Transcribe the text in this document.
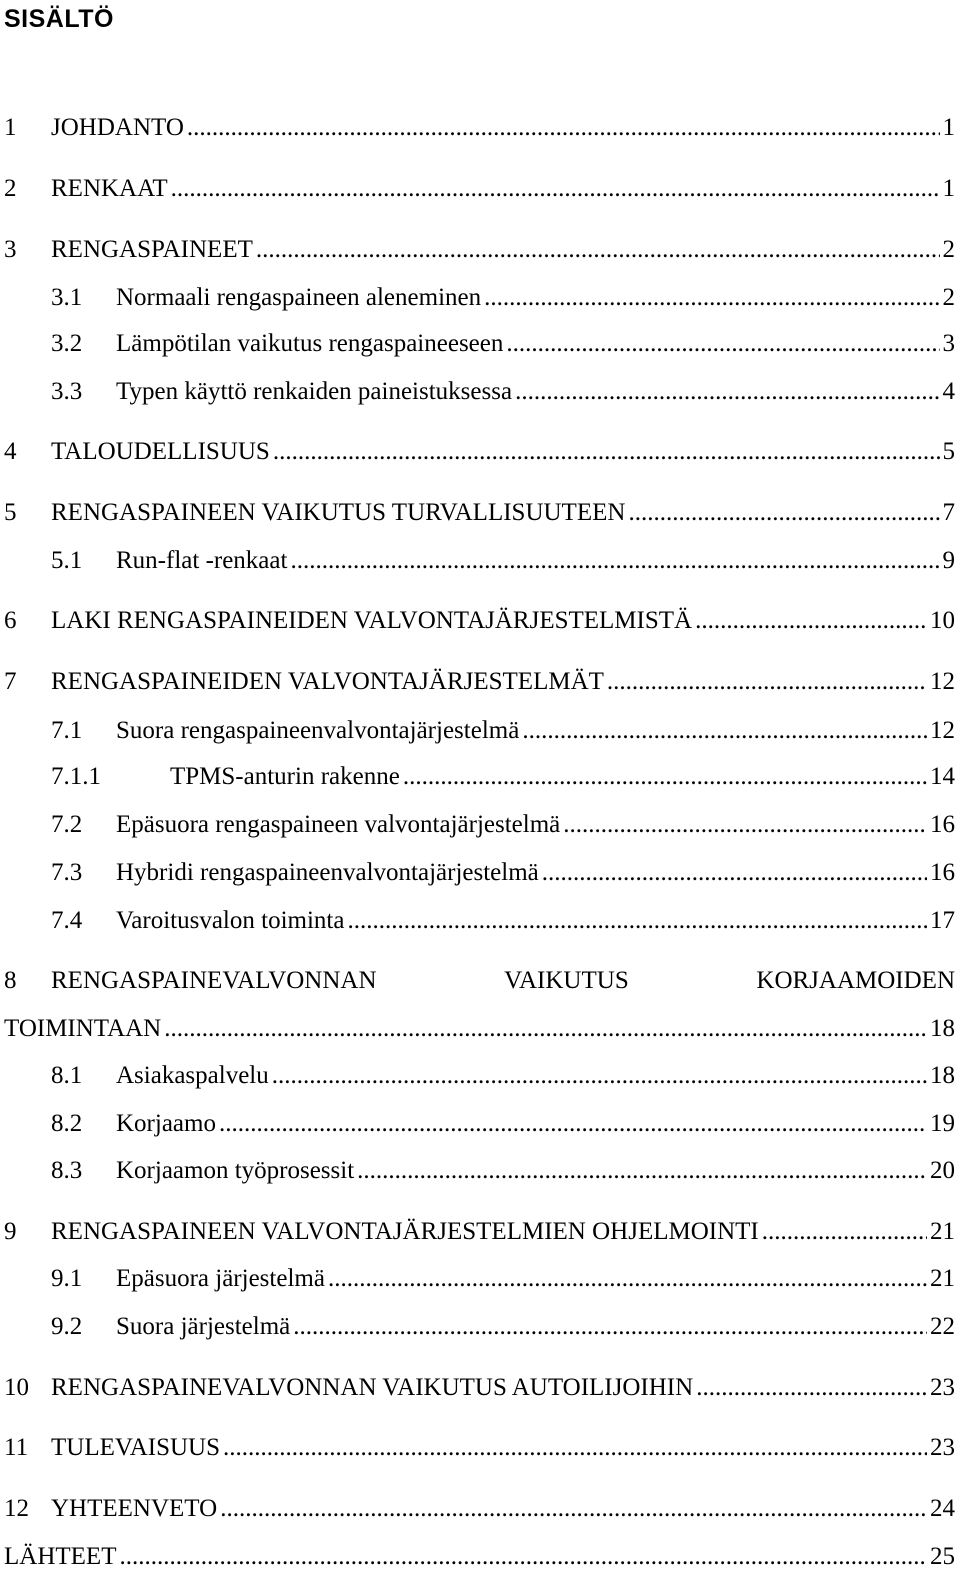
SISÄLTÖ
1	JOHDANTO .....	1
2	RENKAAT .....	1
3	RENGASPAINEET .....	2
3.1	Normaali rengaspaineen aleneminen .....	2
3.2	Lämpötilan vaikutus rengaspaineeseen .....	3
3.3	Typen käyttö renkaiden paineistuksessa .....	4
4	TALOUDELLISUUS .....	5
5	RENGASPAINEEN VAIKUTUS TURVALLISUUTEEN .....	7
5.1	Run-flat -renkaat .....	9
6	LAKI RENGASPAINEIDEN VALVONTAJÄRJESTELMISTÄ .....	10
7	RENGASPAINEIDEN VALVONTAJÄRJESTELMÄT .....	12
7.1	Suora rengaspaineenvalvontajärjestelmä .....	12
7.1.1	TPMS-anturin rakenne .....	14
7.2	Epäsuora rengaspaineen valvontajärjestelmä .....	16
7.3	Hybridi rengaspaineenvalvontajärjestelmä .....	16
7.4	Varoitusvalon toiminta .....	17
8	RENGASPAINEVALVONNAN	VAIKUTUS	KORJAAMOIDEN
TOIMINTAAN .....	18
8.1	Asiakaspalvelu .....	18
8.2	Korjaamo .....	19
8.3	Korjaamon työprosessit .....	20
9	RENGASPAINEEN VALVONTAJÄRJESTELMIEN OHJELMOINTI .....	21
9.1	Epäsuora järjestelmä .....	21
9.2	Suora järjestelmä .....	22
10 RENGASPAINEVALVONNAN VAIKUTUS AUTOILIJOIHIN .....	23
11 TULEVAISUUS .....	23
12 YHTEENVETO .....	24
LÄHTEET .....	25
